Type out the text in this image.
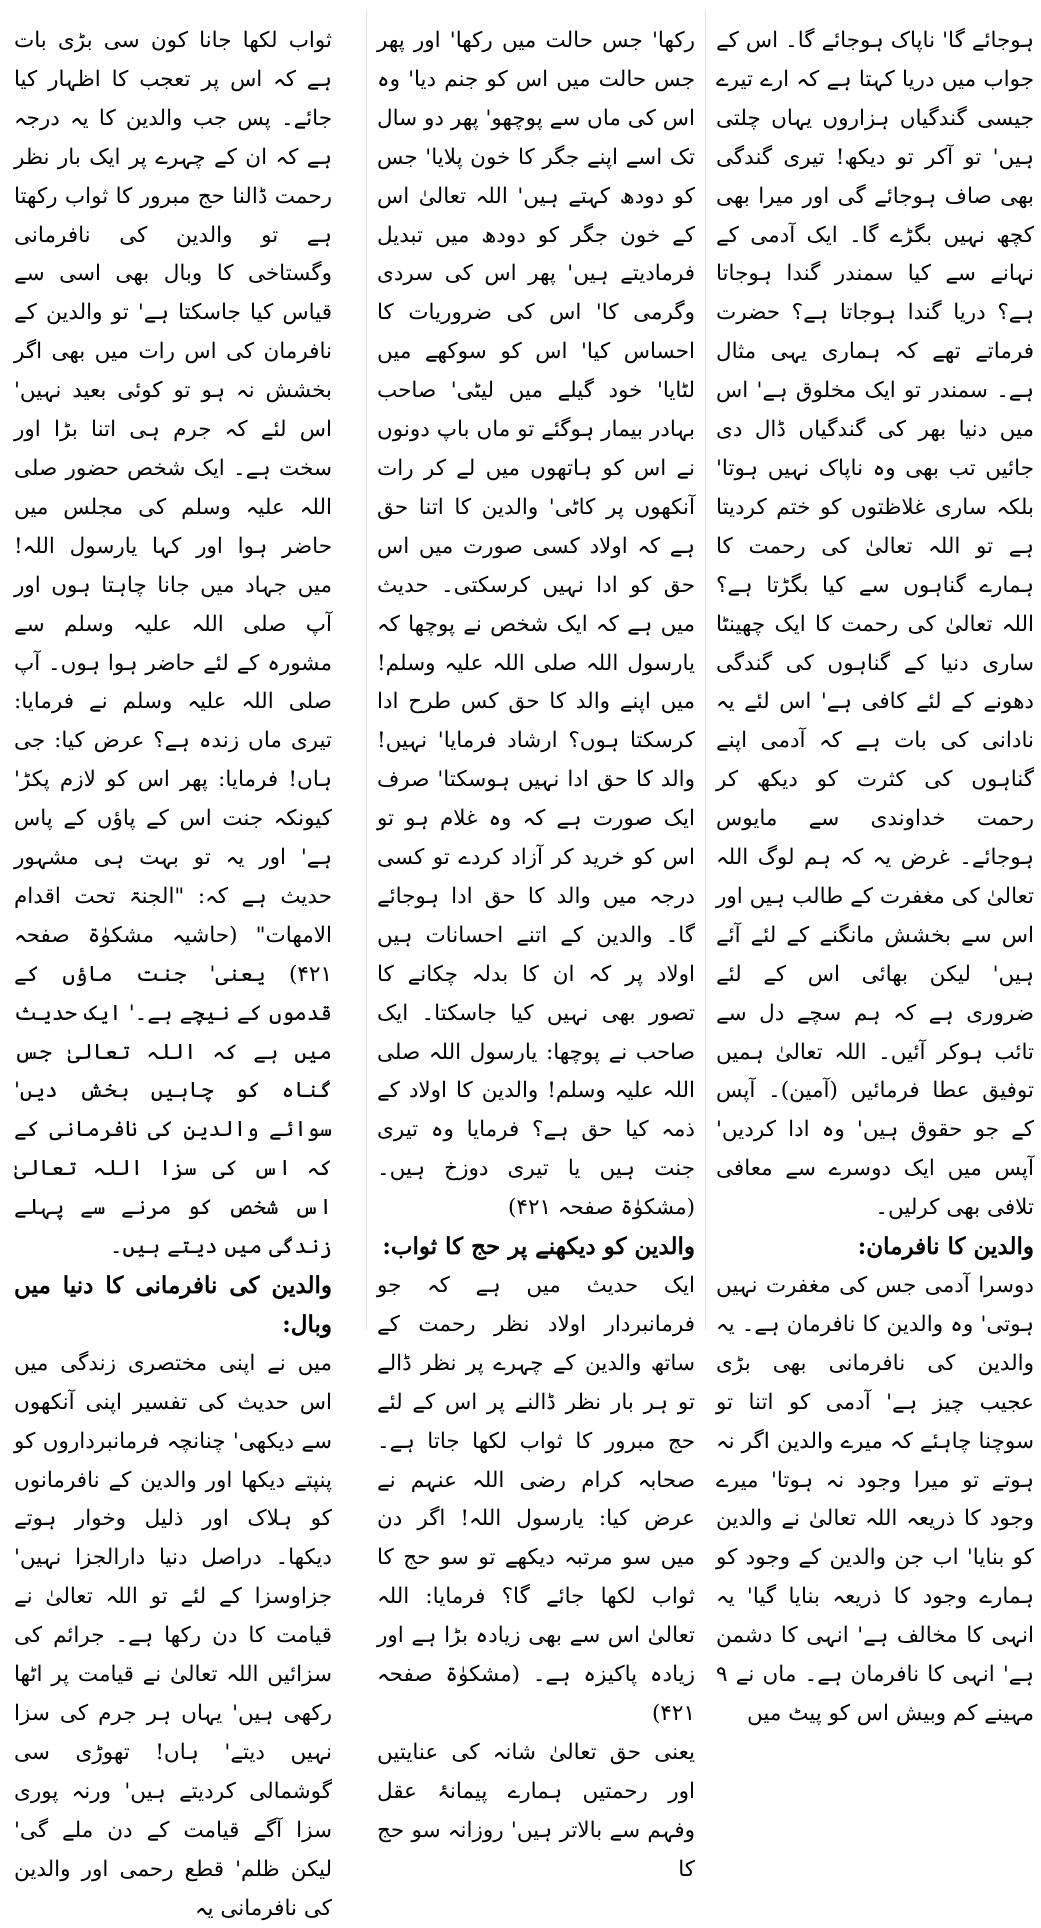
ہوجائے گا' ناپاک ہوجائے گا۔ اس کے جواب میں دریا کہتا ہے کہ ارے تیرے جیسی گندگیاں ہزاروں یہاں چلتی ہیں' تو آکر تو دیکھ! تیری گندگی بھی صاف ہوجائے گی اور میرا بھی کچھ نہیں بگڑے گا۔ ایک آدمی کے نہانے سے کیا سمندر گندا ہوجاتا ہے؟ دریا گندا ہوجاتا ہے؟ حضرت فرماتے تھے کہ ہماری یہی مثال ہے۔ سمندر تو ایک مخلوق ہے' اس میں دنیا بھر کی گندگیاں ڈال دی جائیں تب بھی وہ ناپاک نہیں ہوتا' بلکہ ساری غلاظتوں کو ختم کردیتا ہے تو اللہ تعالیٰ کی رحمت کا ہمارے گناہوں سے کیا بگڑتا ہے؟ اللہ تعالیٰ کی رحمت کا ایک چھینٹا ساری دنیا کے گناہوں کی گندگی دھونے کے لئے کافی ہے' اس لئے یہ نادانی کی بات ہے کہ آدمی اپنے گناہوں کی کثرت کو دیکھ کر رحمت خداوندی سے مایوس ہوجائے۔ غرض یہ کہ ہم لوگ اللہ تعالیٰ کی مغفرت کے طالب ہیں اور اس سے بخشش مانگنے کے لئے آئے ہیں' لیکن بھائی اس کے لئے ضروری ہے کہ ہم سچے دل سے تائب ہوکر آئیں۔ اللہ تعالیٰ ہمیں توفیق عطا فرمائیں (آمین)۔ آپس کے جو حقوق ہیں' وہ ادا کردیں' آپس میں ایک دوسرے سے معافی تلافی بھی کرلیں۔

والدین کا نافرمان:

دوسرا آدمی جس کی مغفرت نہیں ہوتی' وہ والدین کا نافرمان ہے۔ یہ والدین کی نافرمانی بھی بڑی عجیب چیز ہے' آدمی کو اتنا تو سوچنا چاہئے کہ میرے والدین اگر نہ ہوتے تو میرا وجود نہ ہوتا' میرے وجود کا ذریعہ اللہ تعالیٰ نے والدین کو بنایا' اب جن والدین کے وجود کو ہمارے وجود کا ذریعہ بنایا گیا' یہ انہی کا مخالف ہے' انہی کا دشمن ہے' انہی کا نافرمان ہے۔ ماں نے ۹ مہینے کم وبیش اس کو پیٹ میں

رکھا' جس حالت میں رکھا' اور پھر جس حالت میں اس کو جنم دیا' وہ اس کی ماں سے پوچھو' پھر دو سال تک اسے اپنے جگر کا خون پلایا' جس کو دودھ کہتے ہیں' اللہ تعالیٰ اس کے خون جگر کو دودھ میں تبدیل فرمادیتے ہیں' پھر اس کی سردی وگرمی کا' اس کی ضروریات کا احساس کیا' اس کو سوکھے میں لٹایا' خود گیلے میں لیٹی' صاحب بہادر بیمار ہوگئے تو ماں باپ دونوں نے اس کو ہاتھوں میں لے کر رات آنکھوں پر کاٹی' والدین کا اتنا حق ہے کہ اولاد کسی صورت میں اس حق کو ادا نہیں کرسکتی۔ حدیث میں ہے کہ ایک شخص نے پوچھا کہ یارسول اللہ صلی اللہ علیہ وسلم! میں اپنے والد کا حق کس طرح ادا کرسکتا ہوں؟ ارشاد فرمایا' نہیں! والد کا حق ادا نہیں ہوسکتا' صرف ایک صورت ہے کہ وہ غلام ہو تو اس کو خرید کر آزاد کردے تو کسی درجہ میں والد کا حق ادا ہوجائے گا۔ والدین کے اتنے احسانات ہیں اولاد پر کہ ان کا بدلہ چکانے کا تصور بھی نہیں کیا جاسکتا۔ ایک صاحب نے پوچھا: یارسول اللہ صلی اللہ علیہ وسلم! والدین کا اولاد کے ذمہ کیا حق ہے؟ فرمایا وہ تیری جنت ہیں یا تیری دوزخ ہیں۔ (مشکوٰۃ صفحہ ۴۲۱)

والدین کو دیکھنے پر حج کا ثواب:

ایک حدیث میں ہے کہ جو فرمانبردار اولاد نظر رحمت کے ساتھ والدین کے چہرے پر نظر ڈالے تو ہر بار نظر ڈالنے پر اس کے لئے حج مبرور کا ثواب لکھا جاتا ہے۔ صحابہ کرام رضی اللہ عنہم نے عرض کیا: یارسول اللہ! اگر دن میں سو مرتبہ دیکھے تو سو حج کا ثواب لکھا جائے گا؟ فرمایا: اللہ تعالیٰ اس سے بھی زیادہ بڑا ہے اور زیادہ پاکیزہ ہے۔ (مشکوٰۃ صفحہ ۴۲۱)

یعنی حق تعالیٰ شانہ کی عنایتیں اور رحمتیں ہمارے پیمانۂ عقل وفہم سے بالاتر ہیں' روزانہ سو حج کا

ثواب لکھا جانا کون سی بڑی بات ہے کہ اس پر تعجب کا اظہار کیا جائے۔ پس جب والدین کا یہ درجہ ہے کہ ان کے چہرے پر ایک بار نظر رحمت ڈالنا حج مبرور کا ثواب رکھتا ہے تو والدین کی نافرمانی وگستاخی کا وبال بھی اسی سے قیاس کیا جاسکتا ہے' تو والدین کے نافرمان کی اس رات میں بھی اگر بخشش نہ ہو تو کوئی بعید نہیں' اس لئے کہ جرم ہی اتنا بڑا اور سخت ہے۔ ایک شخص حضور صلی اللہ علیہ وسلم کی مجلس میں حاضر ہوا اور کہا یارسول اللہ! میں جہاد میں جانا چاہتا ہوں اور آپ صلی اللہ علیہ وسلم سے مشورہ کے لئے حاضر ہوا ہوں۔ آپ صلی اللہ علیہ وسلم نے فرمایا: تیری ماں زندہ ہے؟ عرض کیا: جی ہاں! فرمایا: پھر اس کو لازم پکڑ' کیونکہ جنت اس کے پاؤں کے پاس ہے' اور یہ تو بہت ہی مشہور حدیث ہے کہ: "الجنۃ تحت اقدام الامھات" (حاشیہ مشکوٰۃ صفحہ ۴۲۱) یعنی' جنت ماؤں کے قدموں کے نیچے ہے۔' ایک حدیث میں ہے کہ اللہ تعالیٰ جس گناہ کو چاہیں بخش دیں' سوائے والدین کی نافرمانی کے کہ اس کی سزا اللہ تعالیٰ اس شخص کو مرنے سے پہلے زندگی میں دیتے ہیں۔

والدین کی نافرمانی کا دنیا میں وبال:

میں نے اپنی مختصری زندگی میں اس حدیث کی تفسیر اپنی آنکھوں سے دیکھی' چنانچہ فرمانبرداروں کو پنپتے دیکھا اور والدین کے نافرمانوں کو ہلاک اور ذلیل وخوار ہوتے دیکھا۔ دراصل دنیا دارالجزا نہیں' جزاوسزا کے لئے تو اللہ تعالیٰ نے قیامت کا دن رکھا ہے۔ جرائم کی سزائیں اللہ تعالیٰ نے قیامت پر اٹھا رکھی ہیں' یہاں ہر جرم کی سزا نہیں دیتے' ہاں! تھوڑی سی گوشمالی کردیتے ہیں' ورنہ پوری سزا آگے قیامت کے دن ملے گی' لیکن ظلم' قطع رحمی اور والدین کی نافرمانی یہ
